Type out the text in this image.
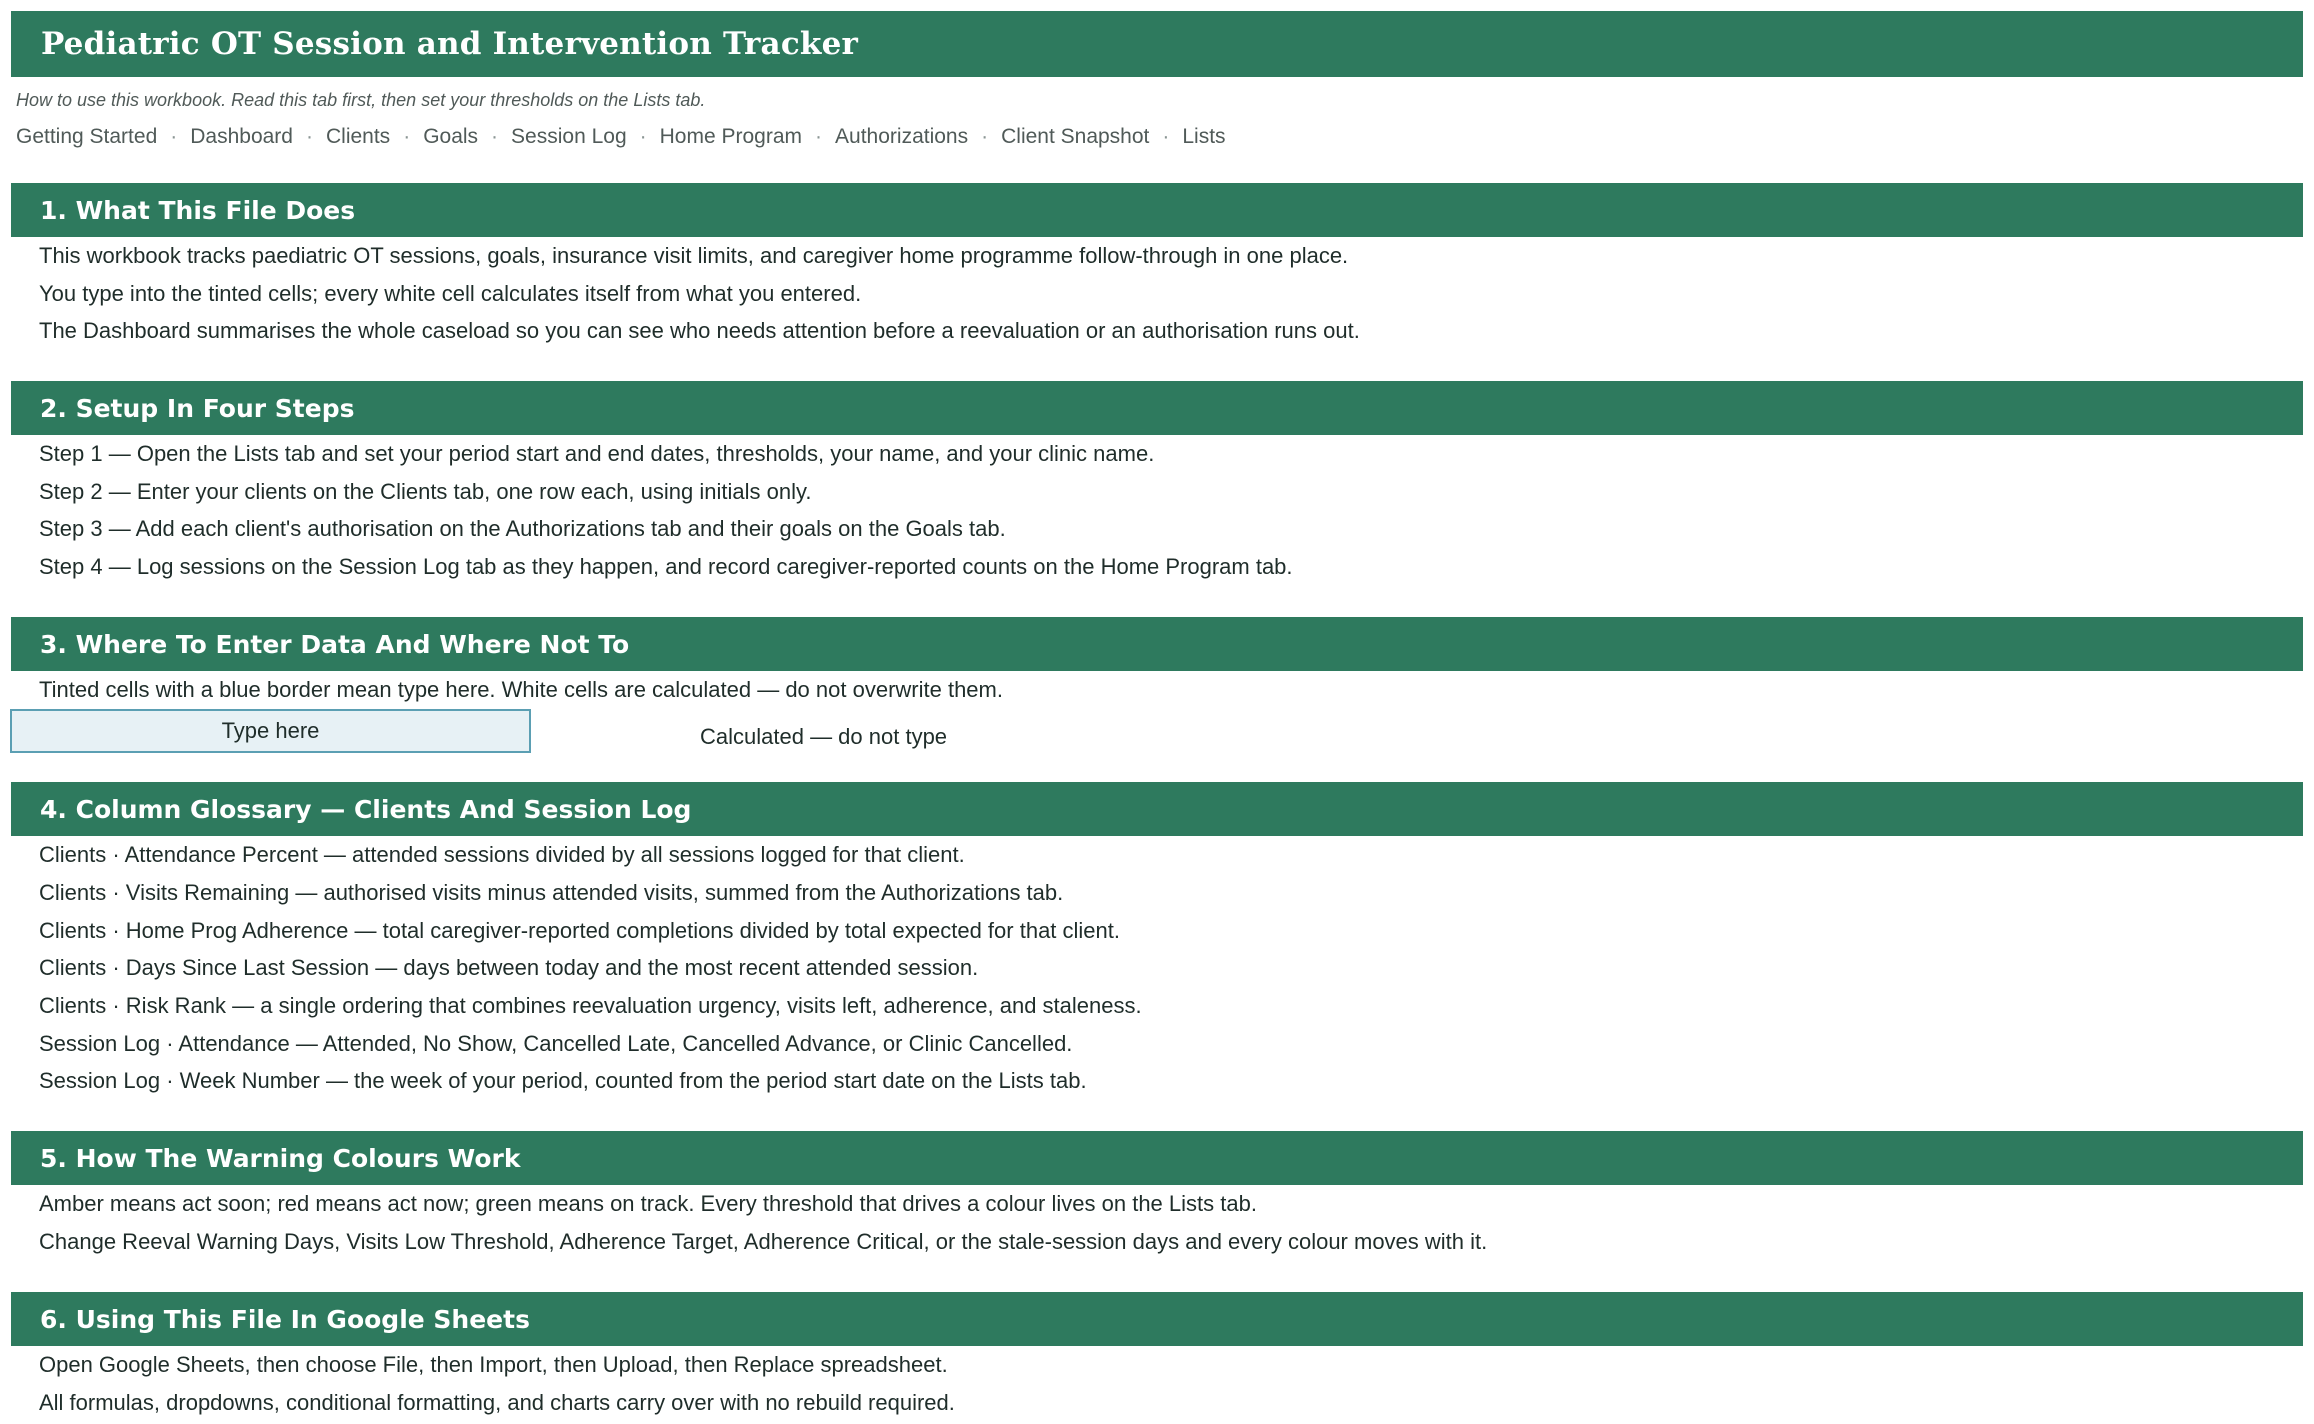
Pediatric OT Session and Intervention Tracker
How to use this workbook. Read this tab first, then set your thresholds on the Lists tab.
Getting Started · Dashboard · Clients · Goals · Session Log · Home Program · Authorizations · Client Snapshot · Lists
1. What This File Does
This workbook tracks paediatric OT sessions, goals, insurance visit limits, and caregiver home programme follow-through in one place.
You type into the tinted cells; every white cell calculates itself from what you entered.
The Dashboard summarises the whole caseload so you can see who needs attention before a reevaluation or an authorisation runs out.
2. Setup In Four Steps
Step 1 — Open the Lists tab and set your period start and end dates, thresholds, your name, and your clinic name.
Step 2 — Enter your clients on the Clients tab, one row each, using initials only.
Step 3 — Add each client's authorisation on the Authorizations tab and their goals on the Goals tab.
Step 4 — Log sessions on the Session Log tab as they happen, and record caregiver-reported counts on the Home Program tab.
3. Where To Enter Data And Where Not To
Tinted cells with a blue border mean type here. White cells are calculated — do not overwrite them.
Type here	Calculated — do not type
4. Column Glossary — Clients And Session Log
Clients · Attendance Percent — attended sessions divided by all sessions logged for that client.
Clients · Visits Remaining — authorised visits minus attended visits, summed from the Authorizations tab.
Clients · Home Prog Adherence — total caregiver-reported completions divided by total expected for that client.
Clients · Days Since Last Session — days between today and the most recent attended session.
Clients · Risk Rank — a single ordering that combines reevaluation urgency, visits left, adherence, and staleness.
Session Log · Attendance — Attended, No Show, Cancelled Late, Cancelled Advance, or Clinic Cancelled.
Session Log · Week Number — the week of your period, counted from the period start date on the Lists tab.
5. How The Warning Colours Work
Amber means act soon; red means act now; green means on track. Every threshold that drives a colour lives on the Lists tab.
Change Reeval Warning Days, Visits Low Threshold, Adherence Target, Adherence Critical, or the stale-session days and every colour moves with it.
6. Using This File In Google Sheets
Open Google Sheets, then choose File, then Import, then Upload, then Replace spreadsheet.
All formulas, dropdowns, conditional formatting, and charts carry over with no rebuild required.
